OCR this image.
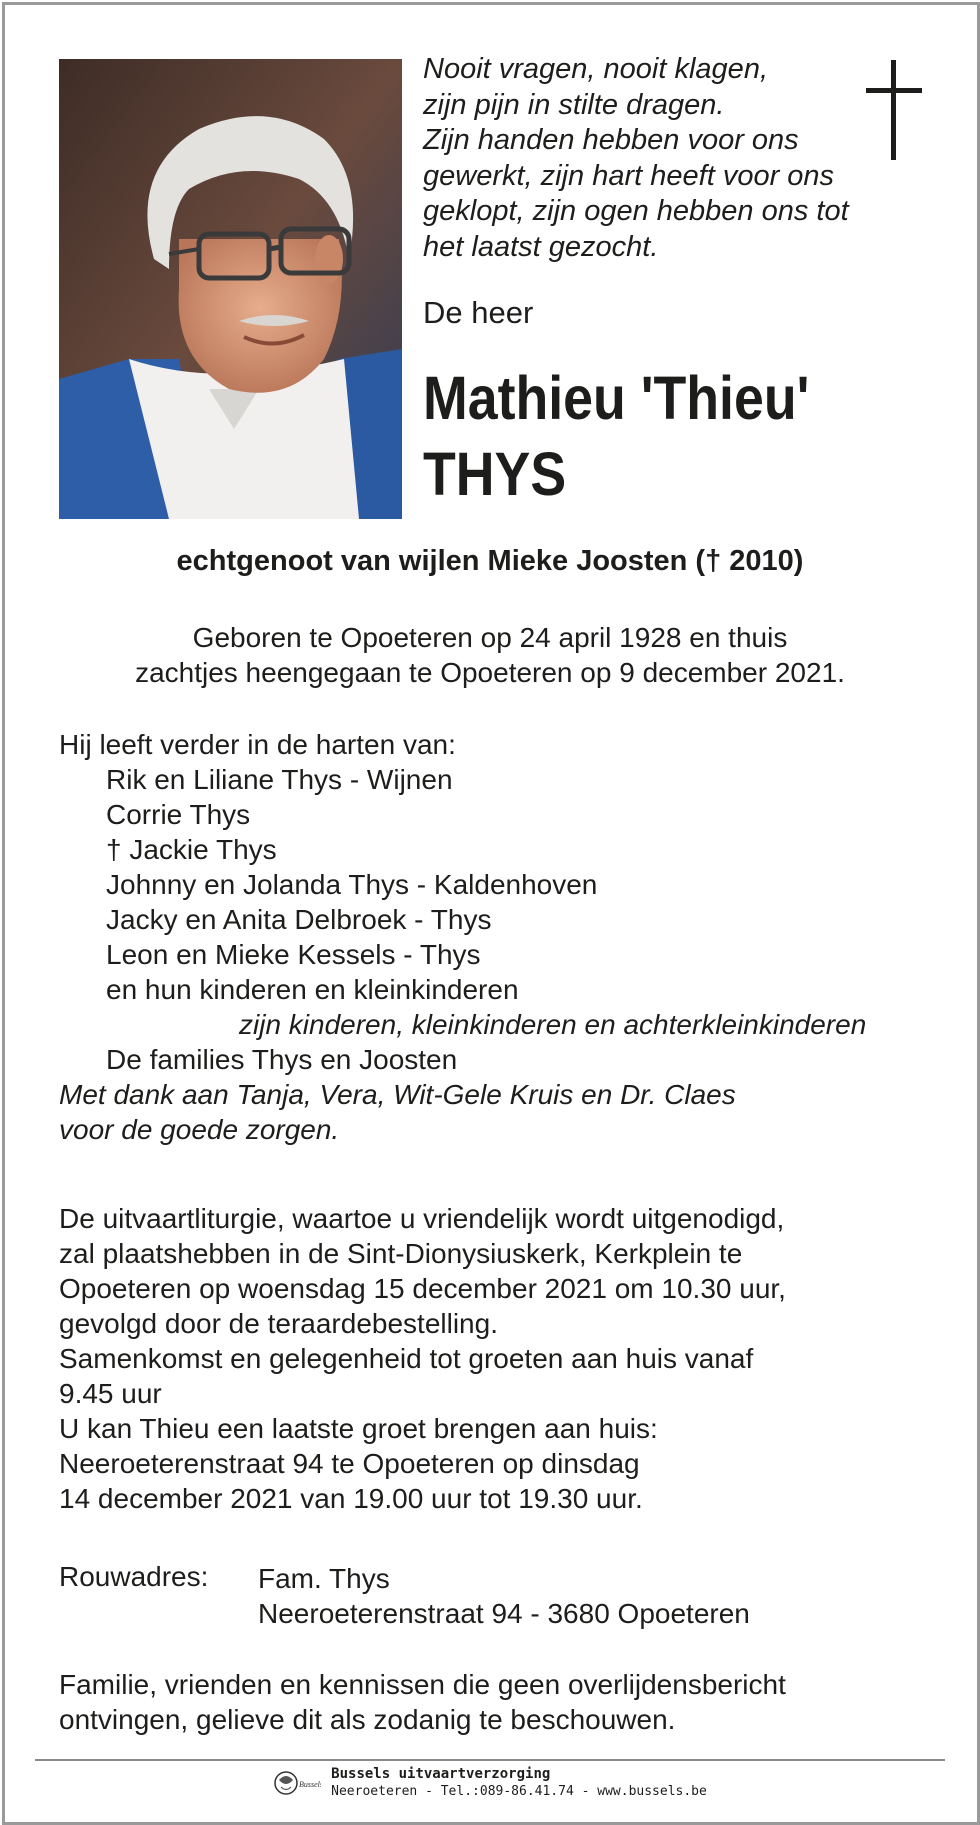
Nooit vragen, nooit klagen,
zijn pijn in stilte dragen.
Zijn handen hebben voor ons
gewerkt, zijn hart heeft voor ons
geklopt, zijn ogen hebben ons tot
het laatst gezocht.
De heer
Mathieu 'Thieu'
THYS
echtgenoot van wijlen Mieke Joosten († 2010)
Geboren te Opoeteren op 24 april 1928 en thuis
zachtjes heengegaan te Opoeteren op 9 december 2021.
Hij leeft verder in de harten van:
Rik en Liliane Thys - Wijnen
Corrie Thys
† Jackie Thys
Johnny en Jolanda Thys - Kaldenhoven
Jacky en Anita Delbroek - Thys
Leon en Mieke Kessels - Thys
en hun kinderen en kleinkinderen
zijn kinderen, kleinkinderen en achterkleinkinderen
De families Thys en Joosten
Met dank aan Tanja, Vera, Wit-Gele Kruis en Dr. Claes
voor de goede zorgen.
De uitvaartliturgie, waartoe u vriendelijk wordt uitgenodigd,
zal plaatshebben in de Sint-Dionysiuskerk, Kerkplein te
Opoeteren op woensdag 15 december 2021 om 10.30 uur,
gevolgd door de teraardebestelling.
Samenkomst en gelegenheid tot groeten aan huis vanaf
9.45 uur
U kan Thieu een laatste groet brengen aan huis:
Neeroeterenstraat 94 te Opoeteren op dinsdag
14 december 2021 van 19.00 uur tot 19.30 uur.
Rouwadres: Fam. Thys
Neeroeterenstraat 94 - 3680 Opoeteren
Familie, vrienden en kennissen die geen overlijdensbericht
ontvingen, gelieve dit als zodanig te beschouwen.
Bussels
Bussels uitvaartverzorging
Neeroeteren - Tel.:089-86.41.74 - www.bussels.be
